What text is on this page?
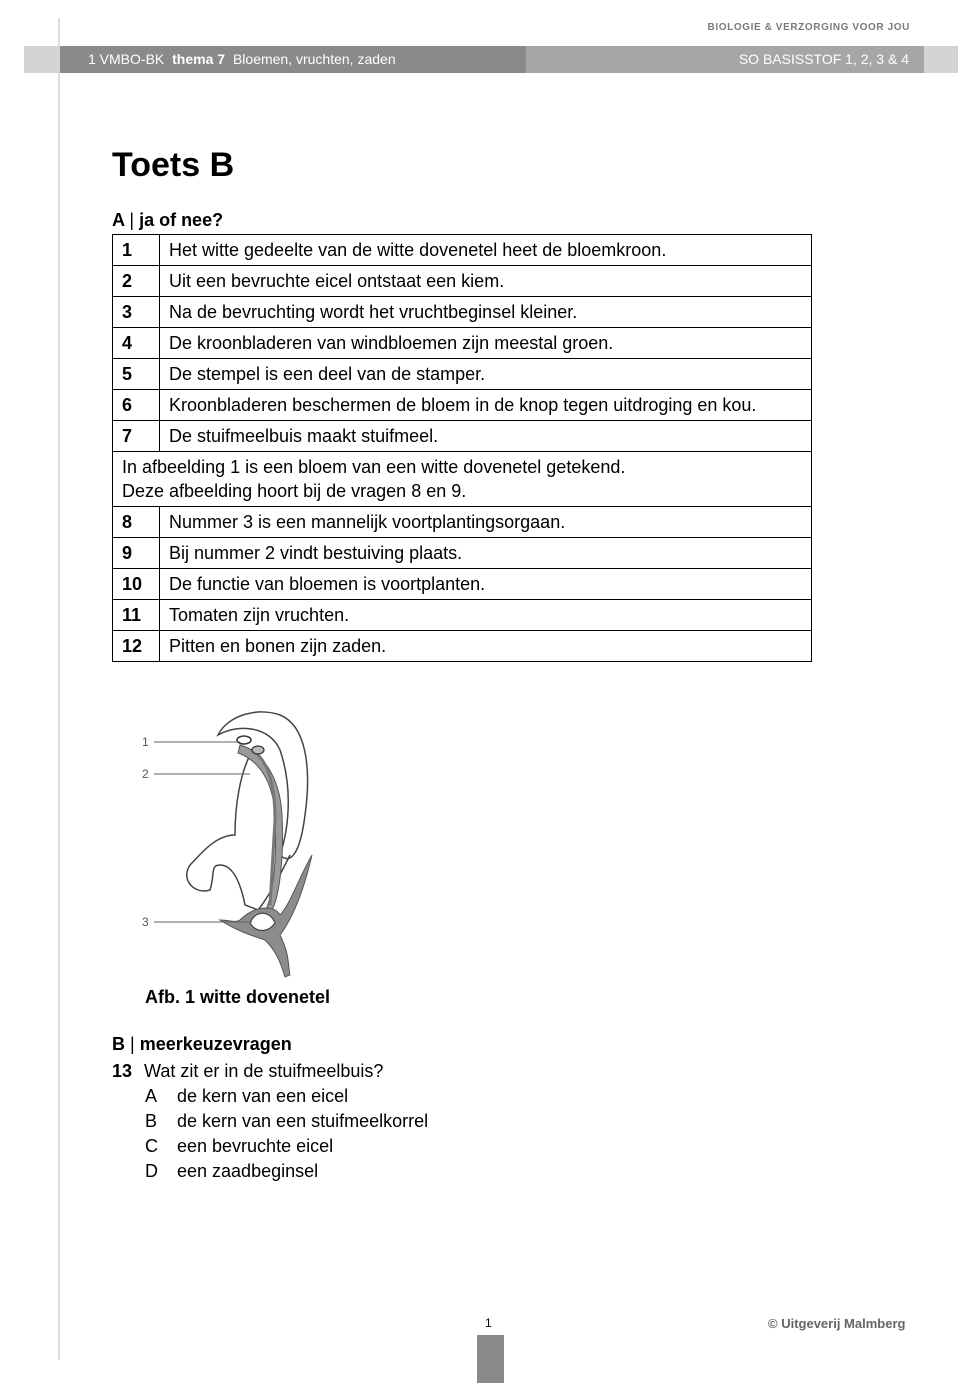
BIOLOGIE & VERZORGING VOOR JOU
1 VMBO-BK thema 7 Bloemen, vruchten, zaden	SO BASISSTOF 1, 2, 3 & 4
Toets B
A | ja of nee?
1	Het witte gedeelte van de witte dovenetel heet de bloemkroon.
2	Uit een bevruchte eicel ontstaat een kiem.
3	Na de bevruchting wordt het vruchtbeginsel kleiner.
4	De kroonbladeren van windbloemen zijn meestal groen.
5	De stempel is een deel van de stamper.
6	Kroonbladeren beschermen de bloem in de knop tegen uitdroging en kou.
7	De stuifmeelbuis maakt stuifmeel.
In afbeelding 1 is een bloem van een witte dovenetel getekend.
Deze afbeelding hoort bij de vragen 8 en 9.	
8	Nummer 3 is een mannelijk voortplantingsorgaan.
9	Bij nummer 2 vindt bestuiving plaats.
10	De functie van bloemen is voortplanten.
11	Tomaten zijn vruchten.
12	Pitten en bonen zijn zaden.
1
2
3
Afb. 1 witte dovenetel
B | meerkeuzevragen
13 Wat zit er in de stuifmeelbuis?
A de kern van een eicel
B de kern van een stuifmeelkorrel
C een bevruchte eicel
D een zaadbeginsel
1	© Uitgeverij Malmberg
